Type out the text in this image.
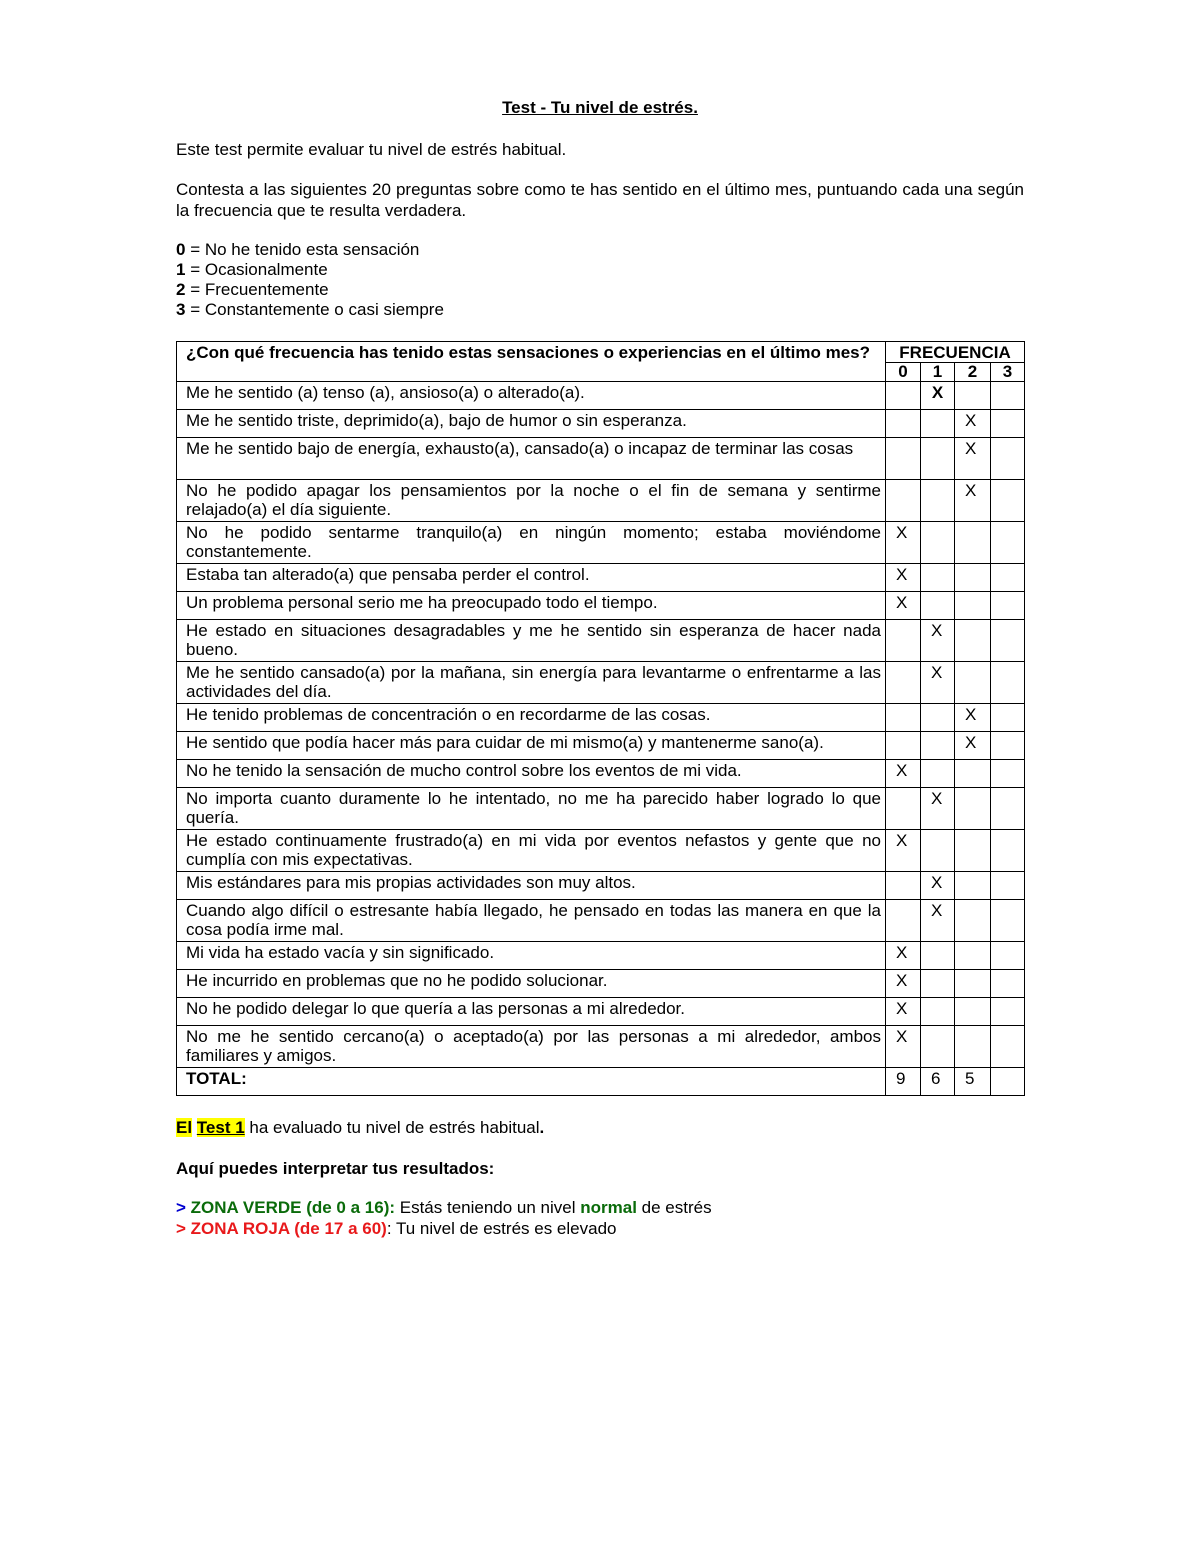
Test - Tu nivel de estrés.
Este test permite evaluar tu nivel de estrés habitual.
Contesta a las siguientes 20 preguntas sobre como te has sentido en el último mes, puntuando cada una según la frecuencia que te resulta verdadera.
0 = No he tenido esta sensación
1 = Ocasionalmente
2 = Frecuentemente
3 = Constantemente o casi siempre
¿Con qué frecuencia has tenido estas sensaciones o experiencias en el último mes?	FRECUENCIA			
	0	1	2	3
Me he sentido (a) tenso (a), ansioso(a) o alterado(a).		X		
Me he sentido triste, deprimido(a), bajo de humor o sin esperanza.			X	
Me he sentido bajo de energía, exhausto(a), cansado(a) o incapaz de terminar las cosas			X	
No he podido apagar los pensamientos por la noche o el fin de semana y sentirme relajado(a) el día siguiente.			X	
No he podido sentarme tranquilo(a) en ningún momento; estaba moviéndome constantemente.	X			
Estaba tan alterado(a) que pensaba perder el control.	X			
Un problema personal serio me ha preocupado todo el tiempo.	X			
He estado en situaciones desagradables y me he sentido sin esperanza de hacer nada bueno.		X		
Me he sentido cansado(a) por la mañana, sin energía para levantarme o enfrentarme a las actividades del día.		X		
He tenido problemas de concentración o en recordarme de las cosas.			X	
He sentido que podía hacer más para cuidar de mi mismo(a) y mantenerme sano(a).			X	
No he tenido la sensación de mucho control sobre los eventos de mi vida.	X			
No importa cuanto duramente lo he intentado, no me ha parecido haber logrado lo que quería.		X		
He estado continuamente frustrado(a) en mi vida por eventos nefastos y gente que no cumplía con mis expectativas.	X			
Mis estándares para mis propias actividades son muy altos.		X		
Cuando algo difícil o estresante había llegado, he pensado en todas las manera en que la cosa podía irme mal.		X		
Mi vida ha estado vacía y sin significado.	X			
He incurrido en problemas que no he podido solucionar.	X			
No he podido delegar lo que quería a las personas a mi alrededor.	X			
No me he sentido cercano(a) o aceptado(a) por las personas a mi alrededor, ambos familiares y amigos.	X			
TOTAL:	9	6	5	
El Test 1 ha evaluado tu nivel de estrés habitual.
Aquí puedes interpretar tus resultados:
> ZONA VERDE (de 0 a 16): Estás teniendo un nivel normal de estrés
> ZONA ROJA (de 17 a 60): Tu nivel de estrés es elevado
